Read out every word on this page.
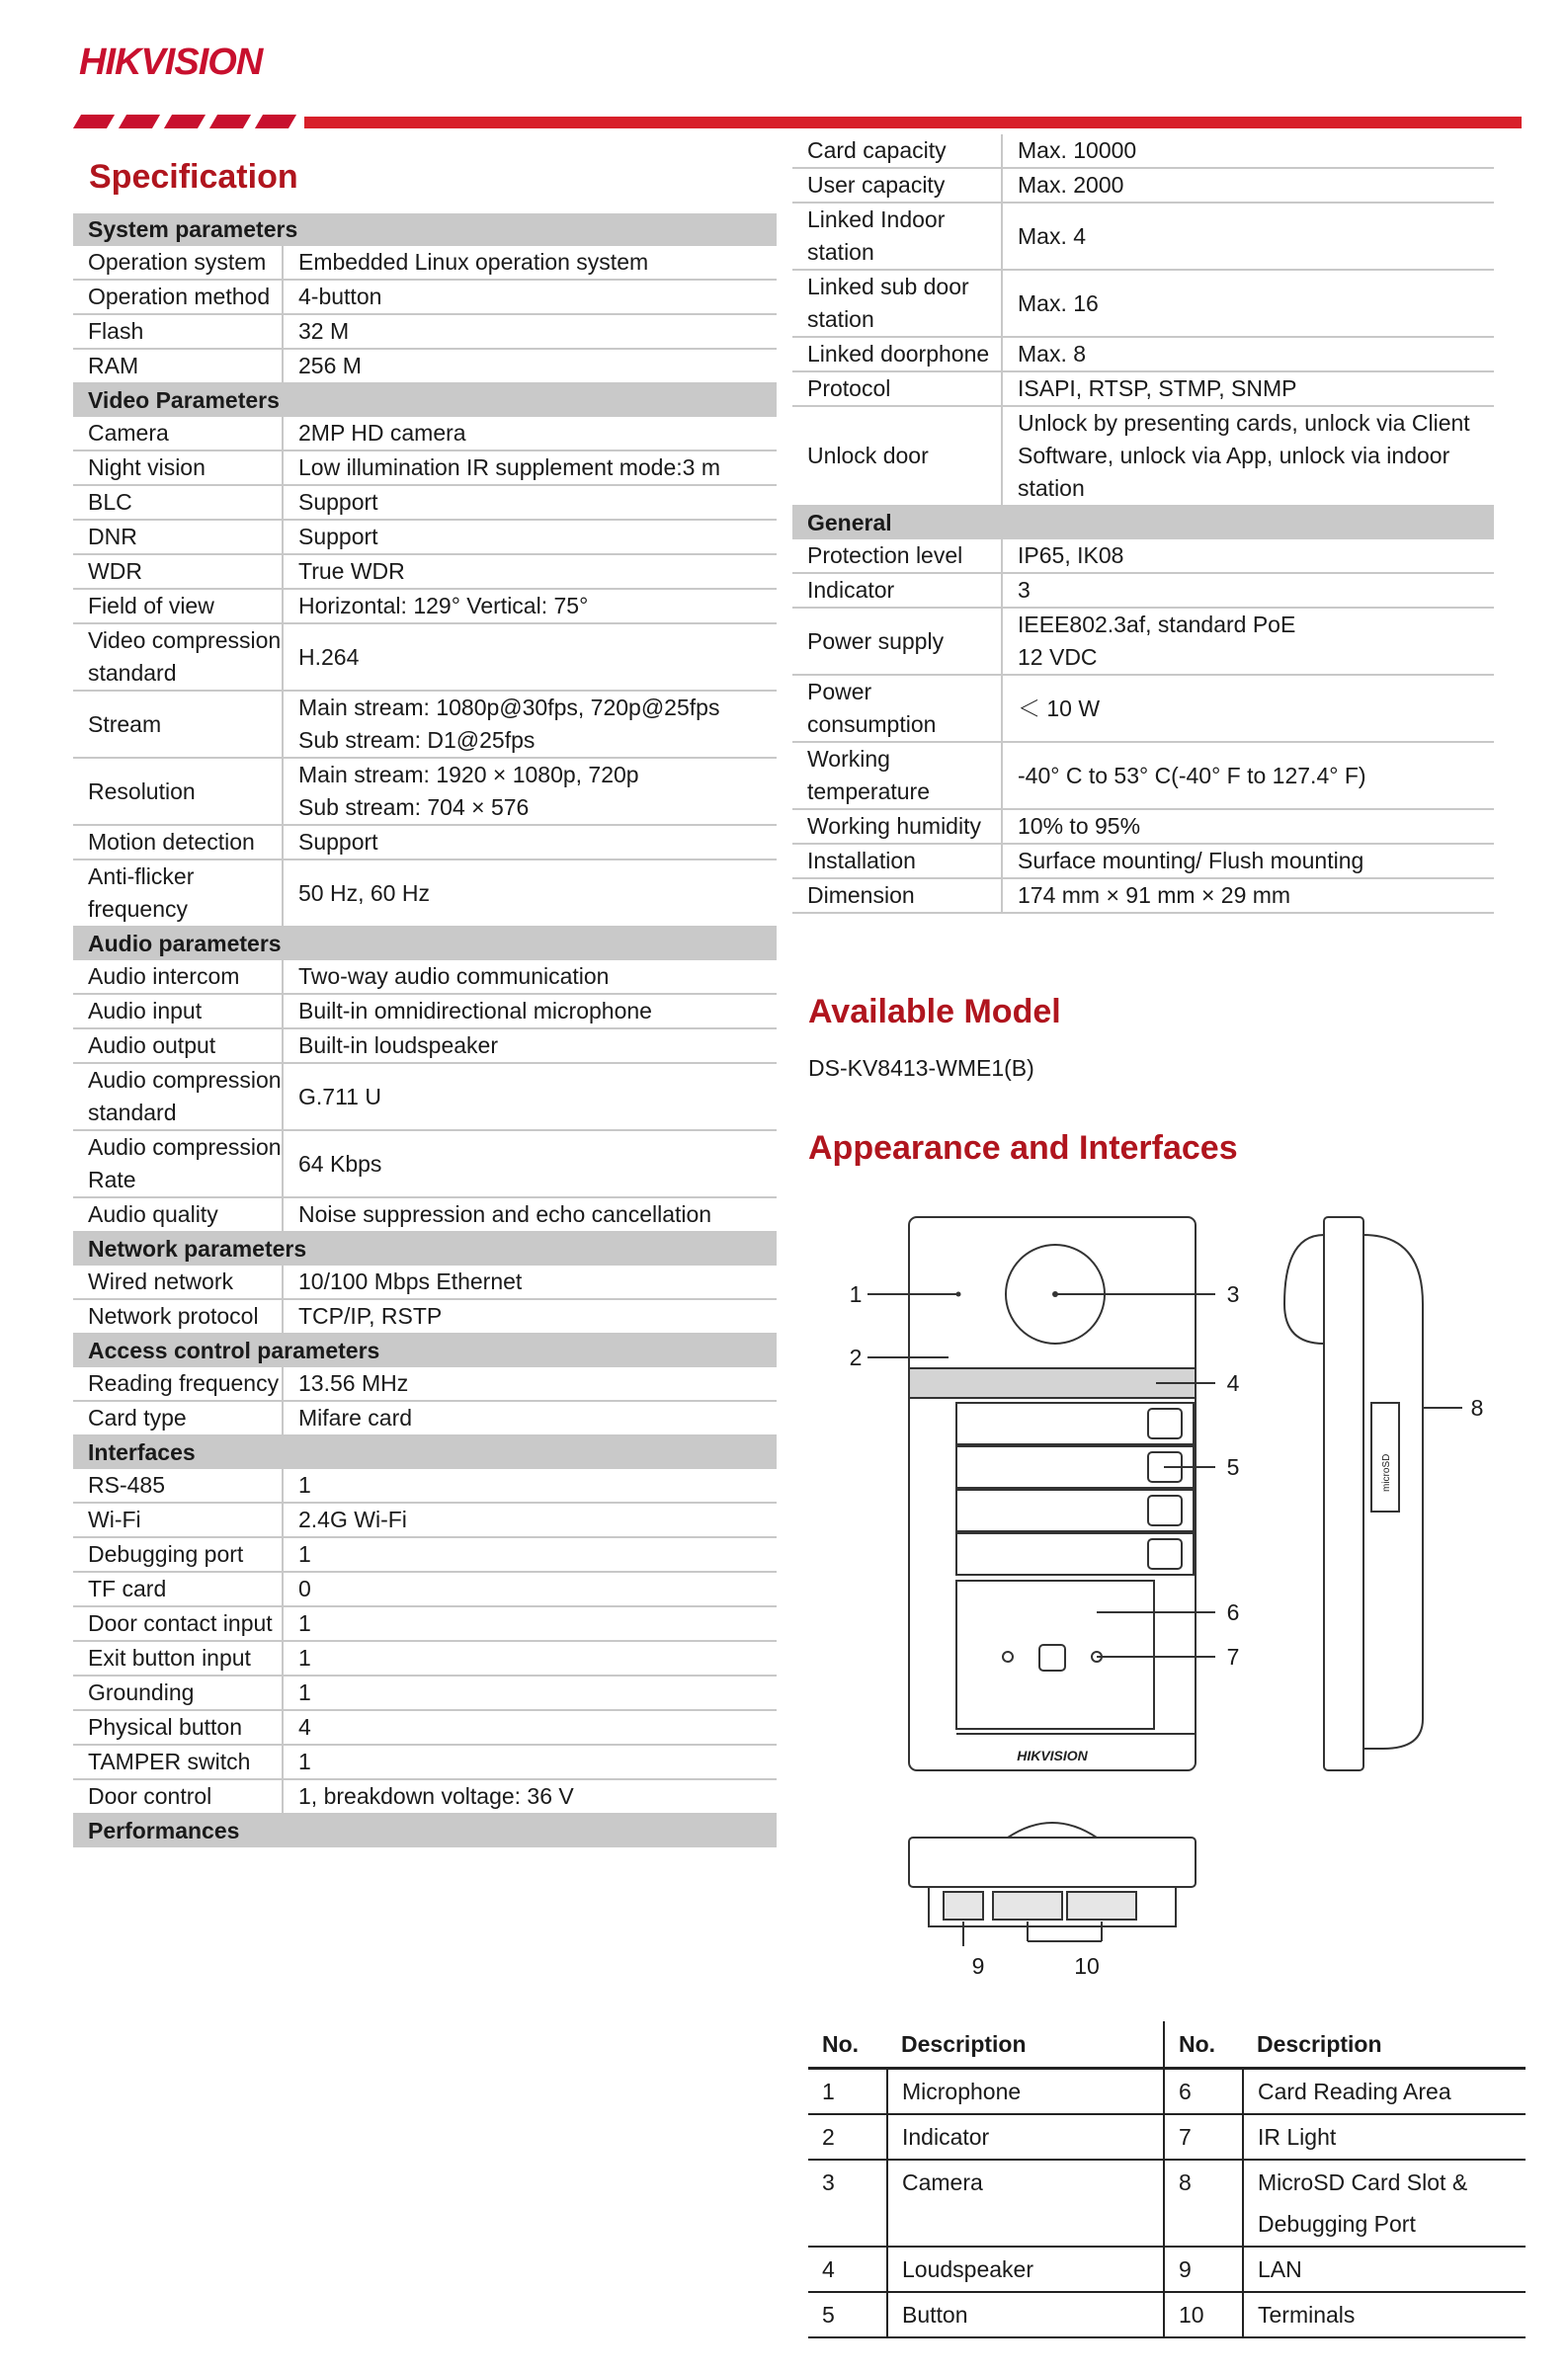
HIKVISION
Specification
System parameters	
Operation system	Embedded Linux operation system
Operation method	4-button
Flash	32 M
RAM	256 M
Video Parameters	
Camera	2MP HD camera
Night vision	Low illumination IR supplement mode:3 m
BLC	Support
DNR	Support
WDR	True WDR
Field of view	Horizontal: 129° Vertical: 75°
Video compression standard	H.264
Stream	Main stream: 1080p@30fps, 720p@25fps
Sub stream: D1@25fps
Resolution	Main stream: 1920 × 1080p, 720p
Sub stream: 704 × 576
Motion detection	Support
Anti-flicker frequency	50 Hz, 60 Hz
Audio parameters	
Audio intercom	Two-way audio communication
Audio input	Built-in omnidirectional microphone
Audio output	Built-in loudspeaker
Audio compression standard	G.711 U
Audio compression Rate	64 Kbps
Audio quality	Noise suppression and echo cancellation
Network parameters	
Wired network	10/100 Mbps Ethernet
Network protocol	TCP/IP, RSTP
Access control parameters	
Reading frequency	13.56 MHz
Card type	Mifare card
Interfaces	
RS-485	1
Wi-Fi	2.4G Wi-Fi
Debugging port	1
TF card	0
Door contact input	1
Exit button input	1
Grounding	1
Physical button	4
TAMPER switch	1
Door control	1, breakdown voltage: 36 V
Performances	
Card capacity	Max. 10000
User capacity	Max. 2000
Linked Indoor station	Max. 4
Linked sub door station	Max. 16
Linked doorphone	Max. 8
Protocol	ISAPI, RTSP, STMP, SNMP
Unlock door	Unlock by presenting cards, unlock via Client Software, unlock via App, unlock via indoor station
General	
Protection level	IP65, IK08
Indicator	3
Power supply	IEEE802.3af, standard PoE
12 VDC
Power consumption	＜ 10 W
Working temperature	-40° C to 53° C(-40° F to 127.4° F)
Working humidity	10% to 95%
Installation	Surface mounting/ Flush mounting
Dimension	174 mm × 91 mm × 29 mm
Available Model
DS-KV8413-WME1(B)
Appearance and Interfaces
HIKVISION
microSD
1
2
3
4
5
6
7
8
9	10
No.	Description	No.	Description
1	Microphone	6	Card Reading Area
2	Indicator	7	IR Light
3	Camera	8	MicroSD Card Slot &
Debugging Port
4	Loudspeaker	9	LAN
5	Button	10	Terminals
